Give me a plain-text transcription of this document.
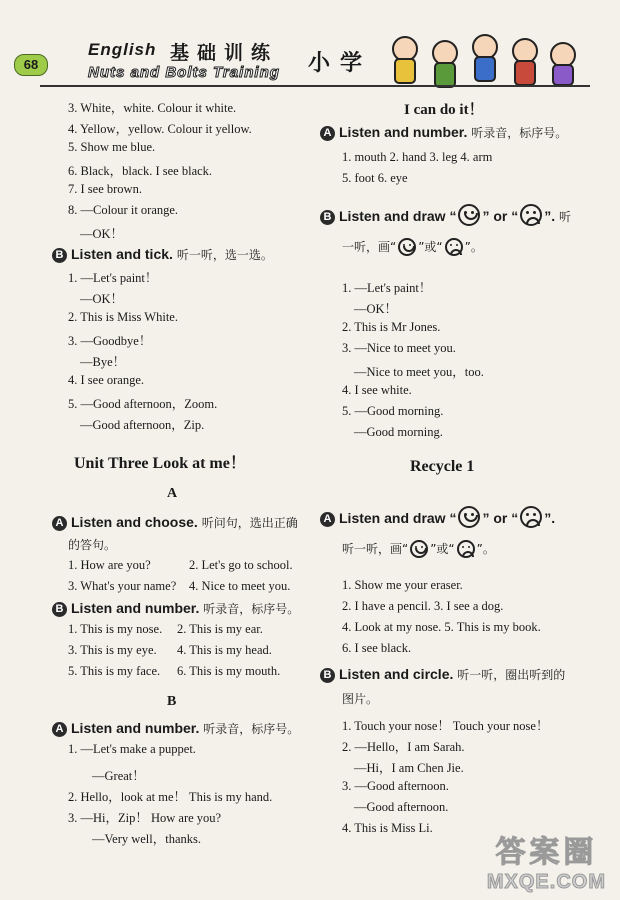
68
English 基础训练
Nuts and Bolts Training 小学
3. White，white. Colour it white.
4. Yellow，yellow. Colour it yellow.
5. Show me blue.
6. Black，black. I see black.
7. I see brown.
8. —Colour it orange.
—OK！
B Listen and tick. 听一听，选一选。
1. —Let's paint！
—OK！
2. This is Miss White.
3. —Goodbye！
—Bye！
4. I see orange.
5. —Good afternoon，Zoom.
—Good afternoon，Zip.
Unit Three Look at me！
A
A Listen and choose. 听问句，选出正确
的答句。
1. How are you?	2. Let's go to school.
3. What's your name? 4. Nice to meet you.
B Listen and number. 听录音，标序号。
1. This is my nose. 2. This is my ear.
3. This is my eye. 4. This is my head.
5. This is my face. 6. This is my mouth.
B
A Listen and number. 听录音，标序号。
1. —Let's make a puppet.
—Great！
2. Hello，look at me！ This is my hand.
3. —Hi，Zip！ How are you?
—Very well，thanks.
I can do it！
A Listen and number. 听录音，标序号。
1. mouth 2. hand 3. leg 4. arm
5. foot 6. eye
B Listen and draw “ ” or “ ”. 听
一听，画“ ”或“ ”。
1. —Let's paint！
—OK！
2. This is Mr Jones.
3. —Nice to meet you.
—Nice to meet you，too.
4. I see white.
5. —Good morning.
—Good morning.
Recycle 1
A Listen and draw “ ” or “ ”.
听一听，画“ ”或“ ”。
1. Show me your eraser.
2. I have a pencil. 3. I see a dog.
4. Look at my nose. 5. This is my book.
6. I see black.
B Listen and circle. 听一听，圈出听到的
图片。
1. Touch your nose！ Touch your nose！
2. —Hello，I am Sarah.
—Hi，I am Chen Jie.
3. —Good afternoon.
—Good afternoon.
4. This is Miss Li.
答案圈
MXQE.COM
